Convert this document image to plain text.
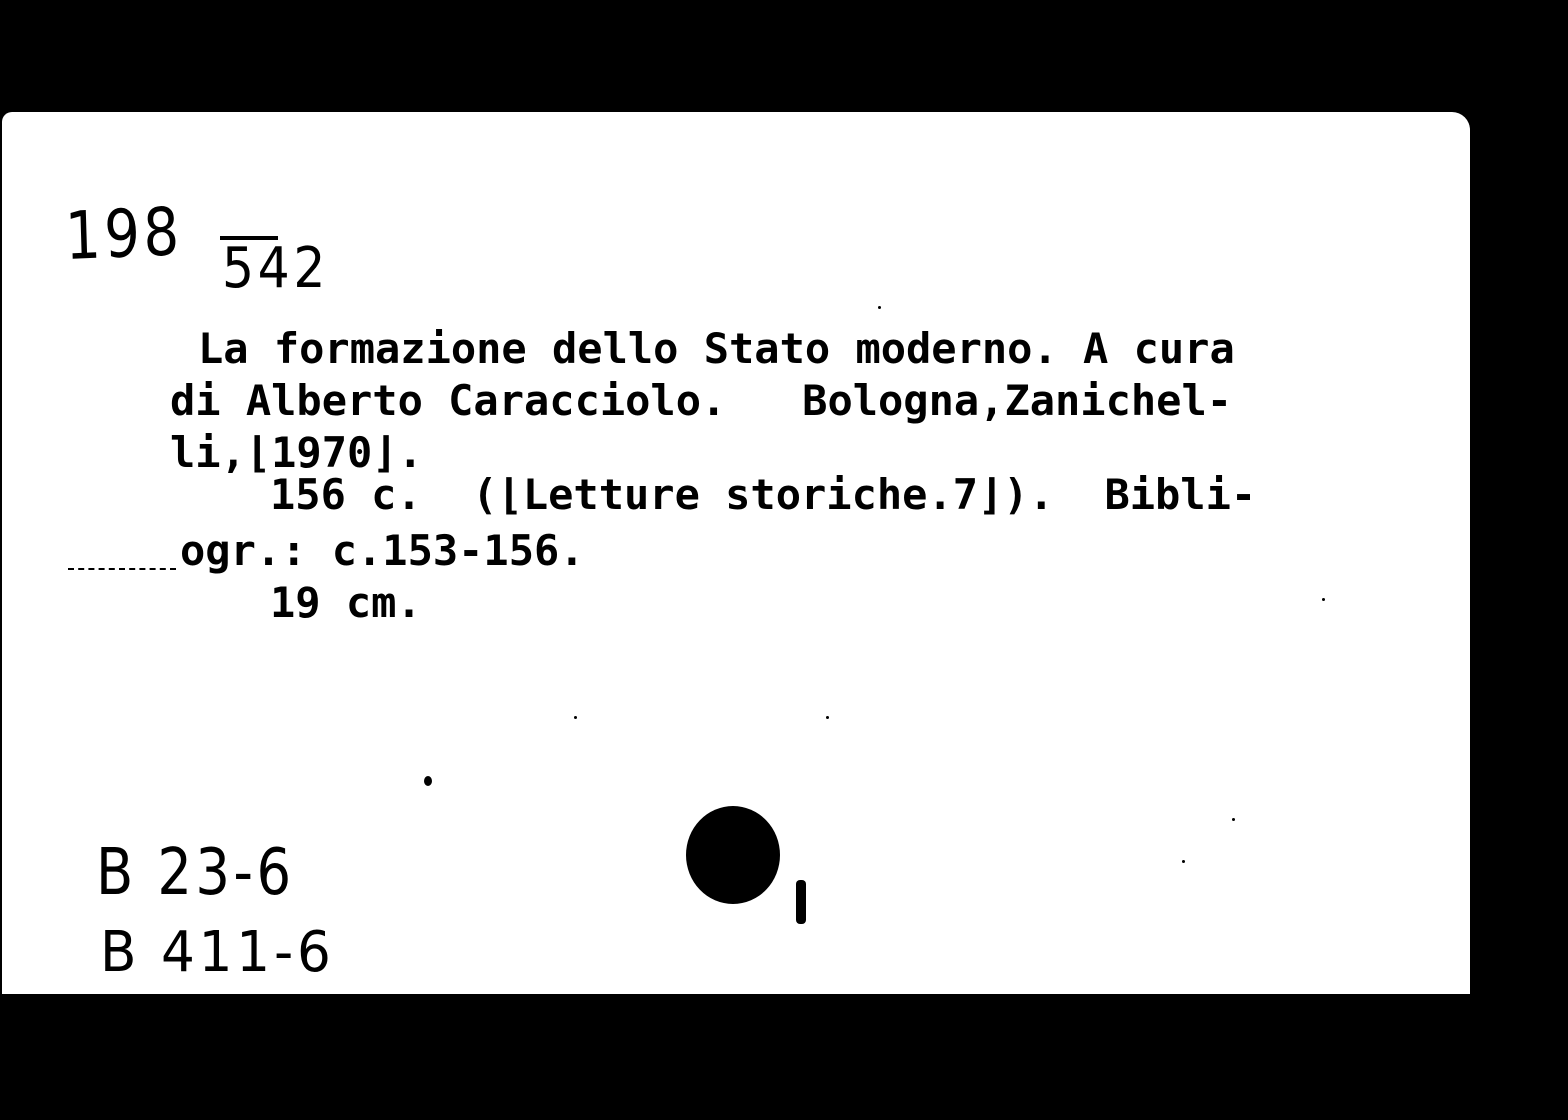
198 542
La formazione dello Stato moderno. A cura
di Alberto Caracciolo.   Bologna,Zanichel-
li,⌊1970⌋.
156 c.  (⌊Letture storiche.7⌋).  Bibli-
ogr.: c.153-156.
19 cm.
B 23-6
B 411-6
